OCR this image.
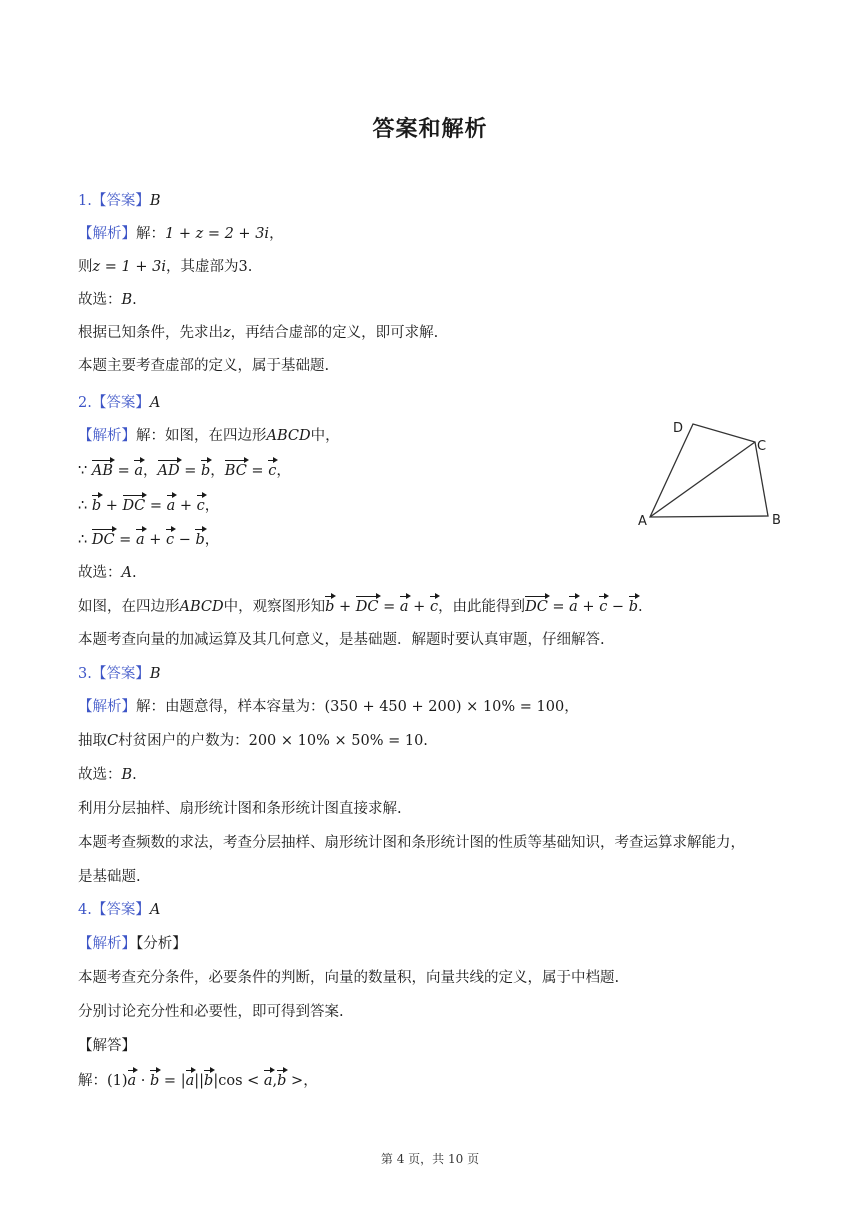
答案和解析
1.【答案】B
【解析】解：1 + z = 2 + 3i，
则z = 1 + 3i，其虚部为3.
故选：B.
根据已知条件，先求出z，再结合虚部的定义，即可求解.
本题主要考查虚部的定义，属于基础题.
2.【答案】A
【解析】解：如图，在四边形ABCD中，
∵ AB = a，AD = b，BC = c，
∴ b + DC = a + c，
∴ DC = a + c − b，
故选：A.
如图，在四边形ABCD中，观察图形知b + DC = a + c，由此能得到DC = a + c − b.
本题考查向量的加减运算及其几何意义，是基础题．解题时要认真审题，仔细解答.
D
C
A	B
3.【答案】B
【解析】解：由题意得，样本容量为：(350 + 450 + 200) × 10% = 100，
抽取C村贫困户的户数为：200 × 10% × 50% = 10.
故选：B.
利用分层抽样、扇形统计图和条形统计图直接求解.
本题考查频数的求法，考查分层抽样、扇形统计图和条形统计图的性质等基础知识，考查运算求解能力，
是基础题.
4.【答案】A
【解析】【分析】
本题考查充分条件，必要条件的判断，向量的数量积，向量共线的定义，属于中档题.
分别讨论充分性和必要性，即可得到答案.
【解答】
解：(1)a · b = |a||b|cos < a,b >，
第 4 页，共 10 页
